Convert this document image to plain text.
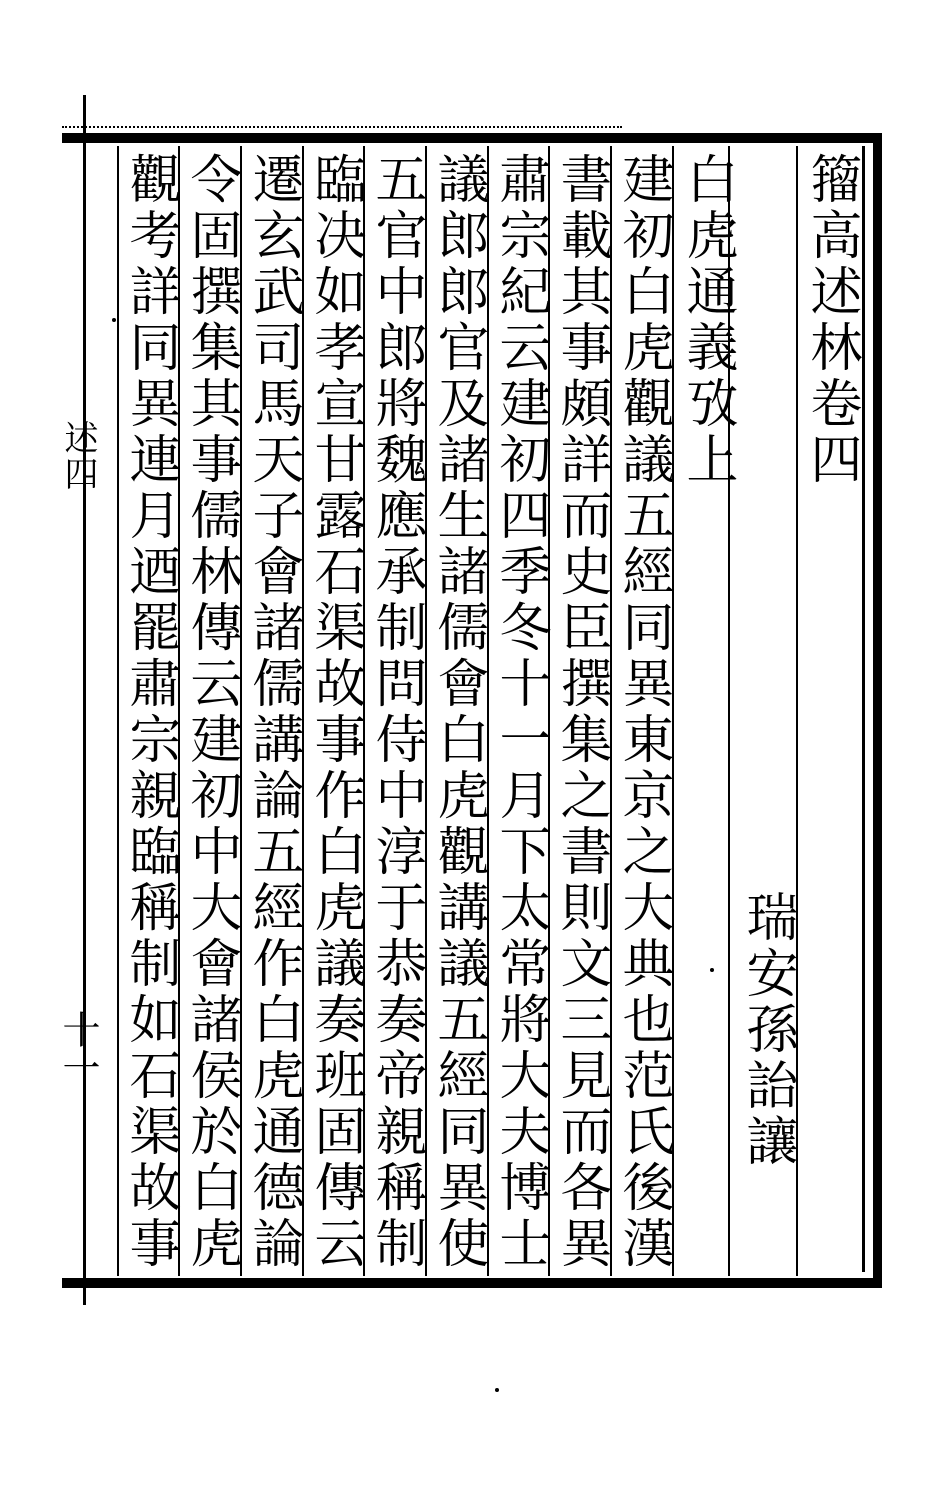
籀高述林卷四

瑞安孫詒讓

白虎通義攷上

建初白虎觀議五經同異東京之大典也范氏後漢

書載其事頗詳而史臣撰集之書則文三見而各異

肅宗紀云建初四季冬十一月下太常將大夫博士

議郎郎官及諸生諸儒會白虎觀講議五經同異使

五官中郎將魏應承制問侍中淳于恭奏帝親稱制

臨决如孝宣甘露石渠故事作白虎議奏班固傳云

遷玄武司馬天子會諸儒講論五經作白虎通德論

令固撰集其事儒林傳云建初中大會諸侯於白虎

觀考詳同異連月迺罷肅宗親臨稱制如石渠故事

述四
十一
